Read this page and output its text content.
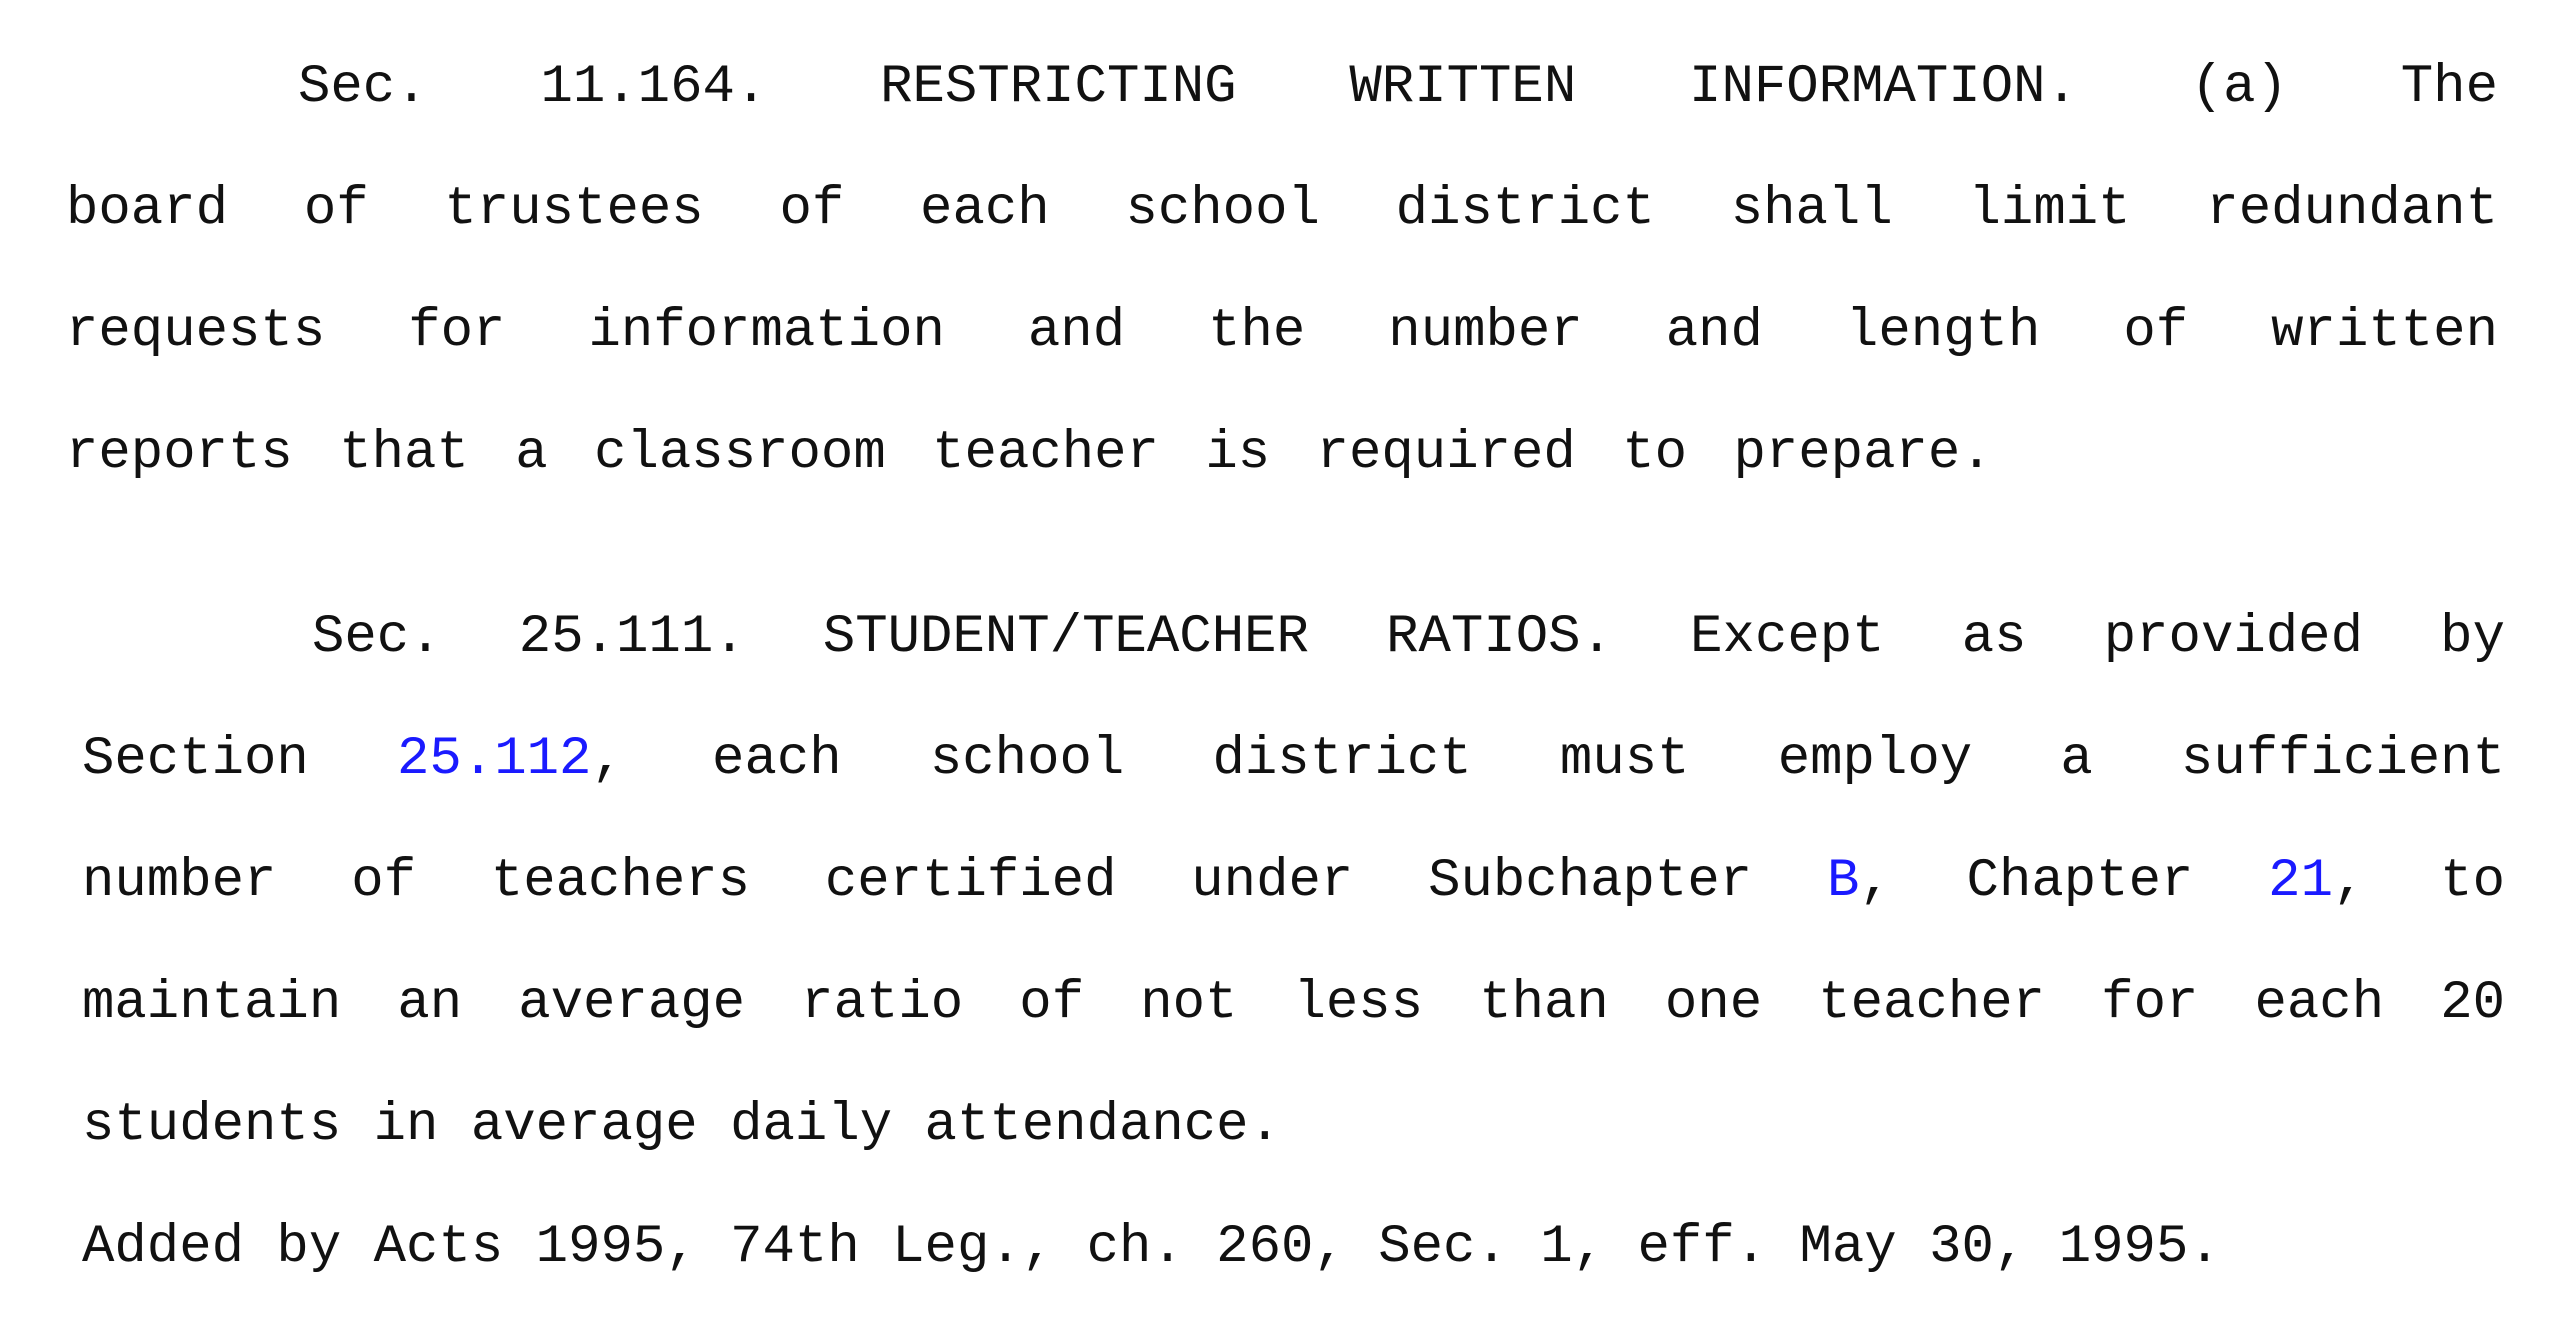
Sec. 11.164. RESTRICTING WRITTEN INFORMATION. (a) The
board of trustees of each school district shall limit redundant
requests for information and the number and length of written
reports that a classroom teacher is required to prepare.
Sec. 25.111. STUDENT/TEACHER RATIOS. Except as provided by
Section 25.112, each school district must employ a sufficient
number of teachers certified under Subchapter B, Chapter 21, to
maintain an average ratio of not less than one teacher for each 20
students in average daily attendance.
Added by Acts 1995, 74th Leg., ch. 260, Sec. 1, eff. May 30, 1995.
